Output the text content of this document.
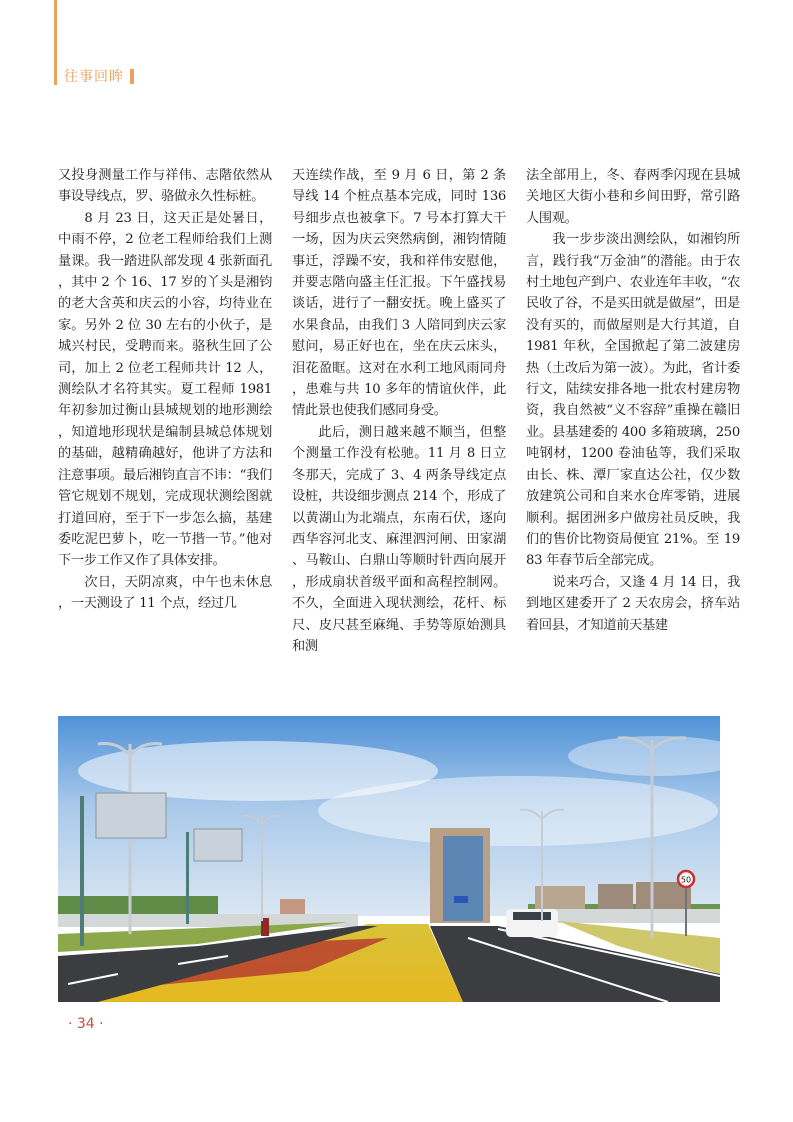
往事回眸

又投身测量工作与祥伟、志階依然从事设导线点，罗、骆做永久性标桩。

8 月 23 日，这天正是处暑日，中雨不停，2 位老工程师给我们上测量课。我一踏进队部发现 4 张新面孔，其中 2 个 16、17 岁的丫头是湘钧的老大含英和庆云的小容，均待业在家。另外 2 位 30 左右的小伙子，是城兴村民，受聘而来。骆秋生回了公司，加上 2 位老工程师共计 12 人，测绘队才名符其实。夏工程师 1981 年初参加过衡山县城规划的地形测绘，知道地形现状是编制县城总体规划的基础，越精确越好，他讲了方法和注意事项。最后湘钧直言不讳：“我们管它规划不规划，完成现状测绘图就打道回府，至于下一步怎么搞，基建委吃泥巴萝卜，吃一节揩一节。”他对下一步工作又作了具体安排。

次日，天阴凉爽，中午也未休息，一天测设了 11 个点，经过几

天连续作战，至 9 月 6 日，第 2 条导线 14 个桩点基本完成，同时 136 号细步点也被拿下。7 号本打算大干一场，因为庆云突然病倒，湘钧情随事迁，浮躁不安，我和祥伟安慰他，并要志階向盛主任汇报。下午盛找易谈话，进行了一翻安抚。晚上盛买了水果食品，由我们 3 人陪同到庆云家慰问，易正好也在，坐在庆云床头，泪花盈眶。这对在水利工地风雨同舟，患难与共 10 多年的情谊伙伴，此情此景也使我们感同身受。

此后，测日越来越不顺当，但整个测量工作没有松驰。11 月 8 日立冬那天，完成了 3、4 两条导线定点设桩，共设细步测点 214 个，形成了以黄湖山为北端点，东南石伏，逐向西华容河北支、麻浬泗河闸、田家湖、马鞍山、白鼎山等顺时针西向展开，形成扇状首级平面和高程控制网。不久，全面进入现状测绘，花杆、标尺、皮尺甚至麻绳、手势等原始测具和测

法全部用上，冬、春两季闪现在县城关地区大街小巷和乡间田野，常引路人围观。

我一步步淡出测绘队，如湘钧所言，践行我“万金油”的潜能。由于农村土地包产到户、农业连年丰收，“农民收了谷，不是买田就是做屋”，田是没有买的，而做屋则是大行其道，自 1981 年秋，全国掀起了第二波建房热（土改后为第一波）。为此，省计委行文，陆续安排各地一批农村建房物资，我自然被“义不容辞”重操在赣旧业。县基建委的 400 多箱玻璃，250 吨钢材，1200 卷油毡等，我们采取由长、株、潭厂家直达公社，仅少数放建筑公司和自来水仓库零销，进展顺利。据团洲多户做房社员反映，我们的售价比物资局便宜 21%。至 1983 年春节后全部完成。

说来巧合，又逢 4 月 14 日，我到地区建委开了 2 天农房会，挤车站着回县，才知道前天基建

50
· 34 ·
